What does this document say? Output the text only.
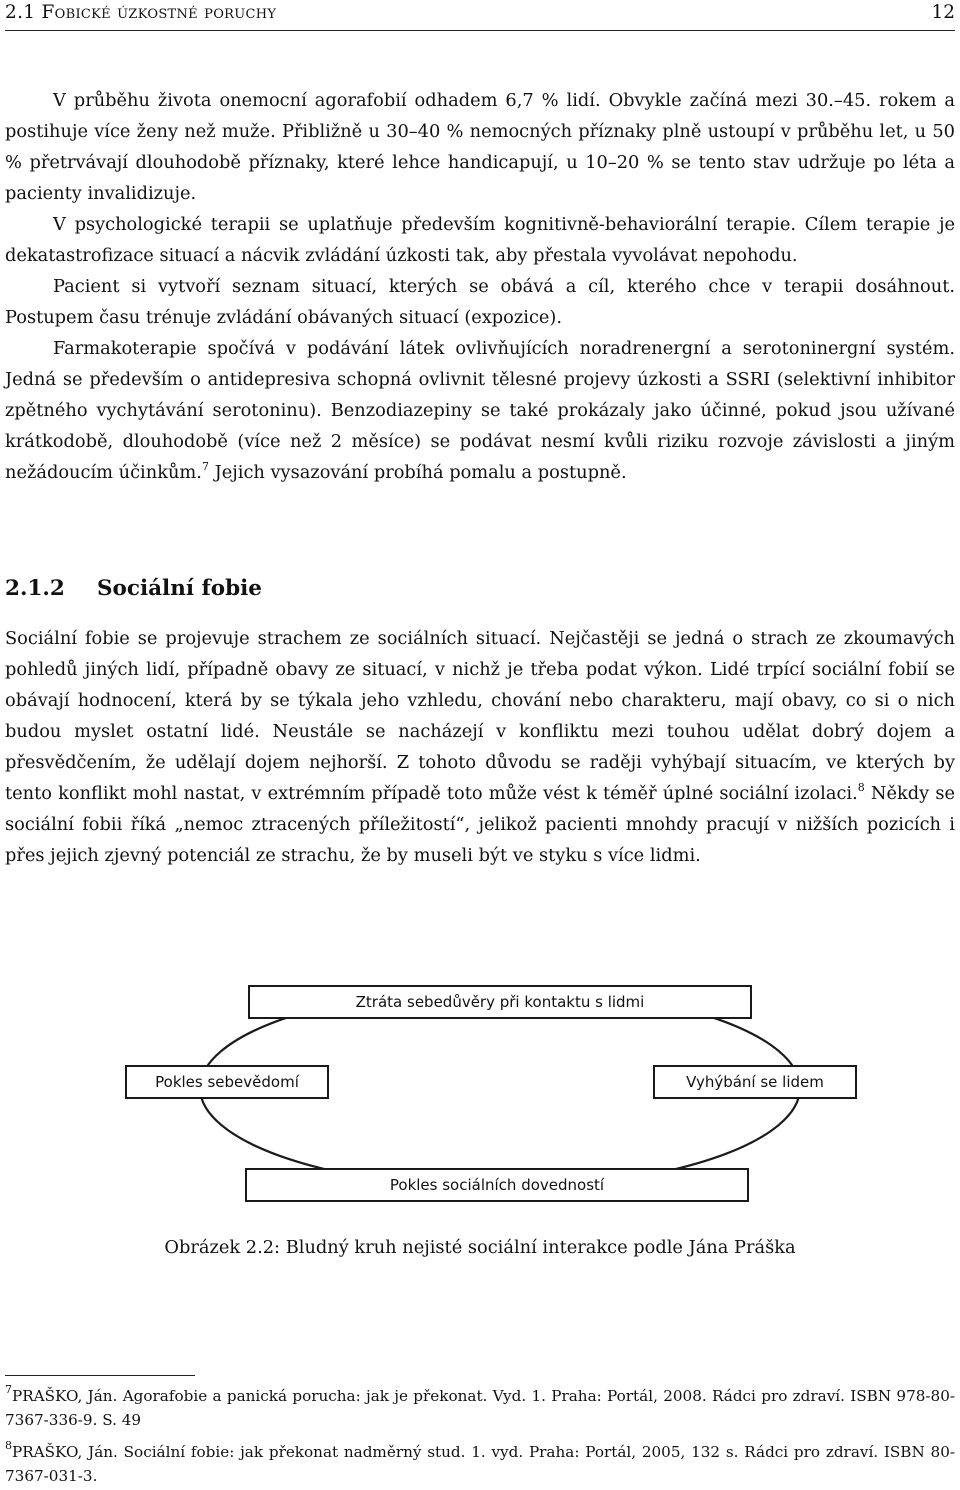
2.1 Fobické úzkostné poruchy	12

V průběhu života onemocní agorafobií odhadem 6,7 % lidí. Obvykle začíná mezi 30.–45. rokem a postihuje více ženy než muže. Přibližně u 30–40 % nemocných příznaky plně ustoupí v průběhu let, u 50 % přetrvávají dlouhodobě příznaky, které lehce handicapují, u 10–20 % se tento stav udržuje po léta a pacienty invalidizuje.

V psychologické terapii se uplatňuje především kognitivně-behaviorální terapie. Cílem terapie je dekatastrofizace situací a nácvik zvládání úzkosti tak, aby přestala vyvolávat nepohodu.

Pacient si vytvoří seznam situací, kterých se obává a cíl, kterého chce v terapii dosáhnout. Postupem času trénuje zvládání obávaných situací (expozice).

Farmakoterapie spočívá v podávání látek ovlivňujících noradrenergní a serotoninergní systém. Jedná se především o antidepresiva schopná ovlivnit tělesné projevy úzkosti a SSRI (selektivní inhibitor zpětného vychytávání serotoninu). Benzodiazepiny se také prokázaly jako účinné, pokud jsou užívané krátkodobě, dlouhodobě (více než 2 měsíce) se podávat nesmí kvůli riziku rozvoje závislosti a jiným nežádoucím účinkům.$^7$ Jejich vysazování probíhá pomalu a postupně.

2.1.2 Sociální fobie

Sociální fobie se projevuje strachem ze sociálních situací. Nejčastěji se jedná o strach ze zkoumavých pohledů jiných lidí, případně obavy ze situací, v nichž je třeba podat výkon. Lidé trpící sociální fobií se obávají hodnocení, která by se týkala jeho vzhledu, chování nebo charakteru, mají obavy, co si o nich budou myslet ostatní lidé. Neustále se nacházejí v konfliktu mezi touhou udělat dobrý dojem a přesvědčením, že udělají dojem nejhorší. Z tohoto důvodu se raději vyhýbají situacím, ve kterých by tento konflikt mohl nastat, v extrémním případě toto může vést k téměř úplné sociální izolaci.$^8$ Někdy se sociální fobii říká „nemoc ztracených příležitostí“, jelikož pacienti mnohdy pracují v nižších pozicích i přes jejich zjevný potenciál ze strachu, že by museli být ve styku s více lidmi.

Ztráta sebedůvěry při kontaktu s lidmi
Pokles sebevědomí	Vyhýbání se lidem
Pokles sociálních dovedností
Obrázek 2.2: Bludný kruh nejisté sociální interakce podle Jána Práška

$^7$PRAŠKO, Ján. Agorafobie a panická porucha: jak je překonat. Vyd. 1. Praha: Portál, 2008. Rádci pro zdraví. ISBN 978-80-7367-336-9. S. 49

$^8$PRAŠKO, Ján. Sociální fobie: jak překonat nadměrný stud. 1. vyd. Praha: Portál, 2005, 132 s. Rádci pro zdraví. ISBN 80-7367-031-3.
